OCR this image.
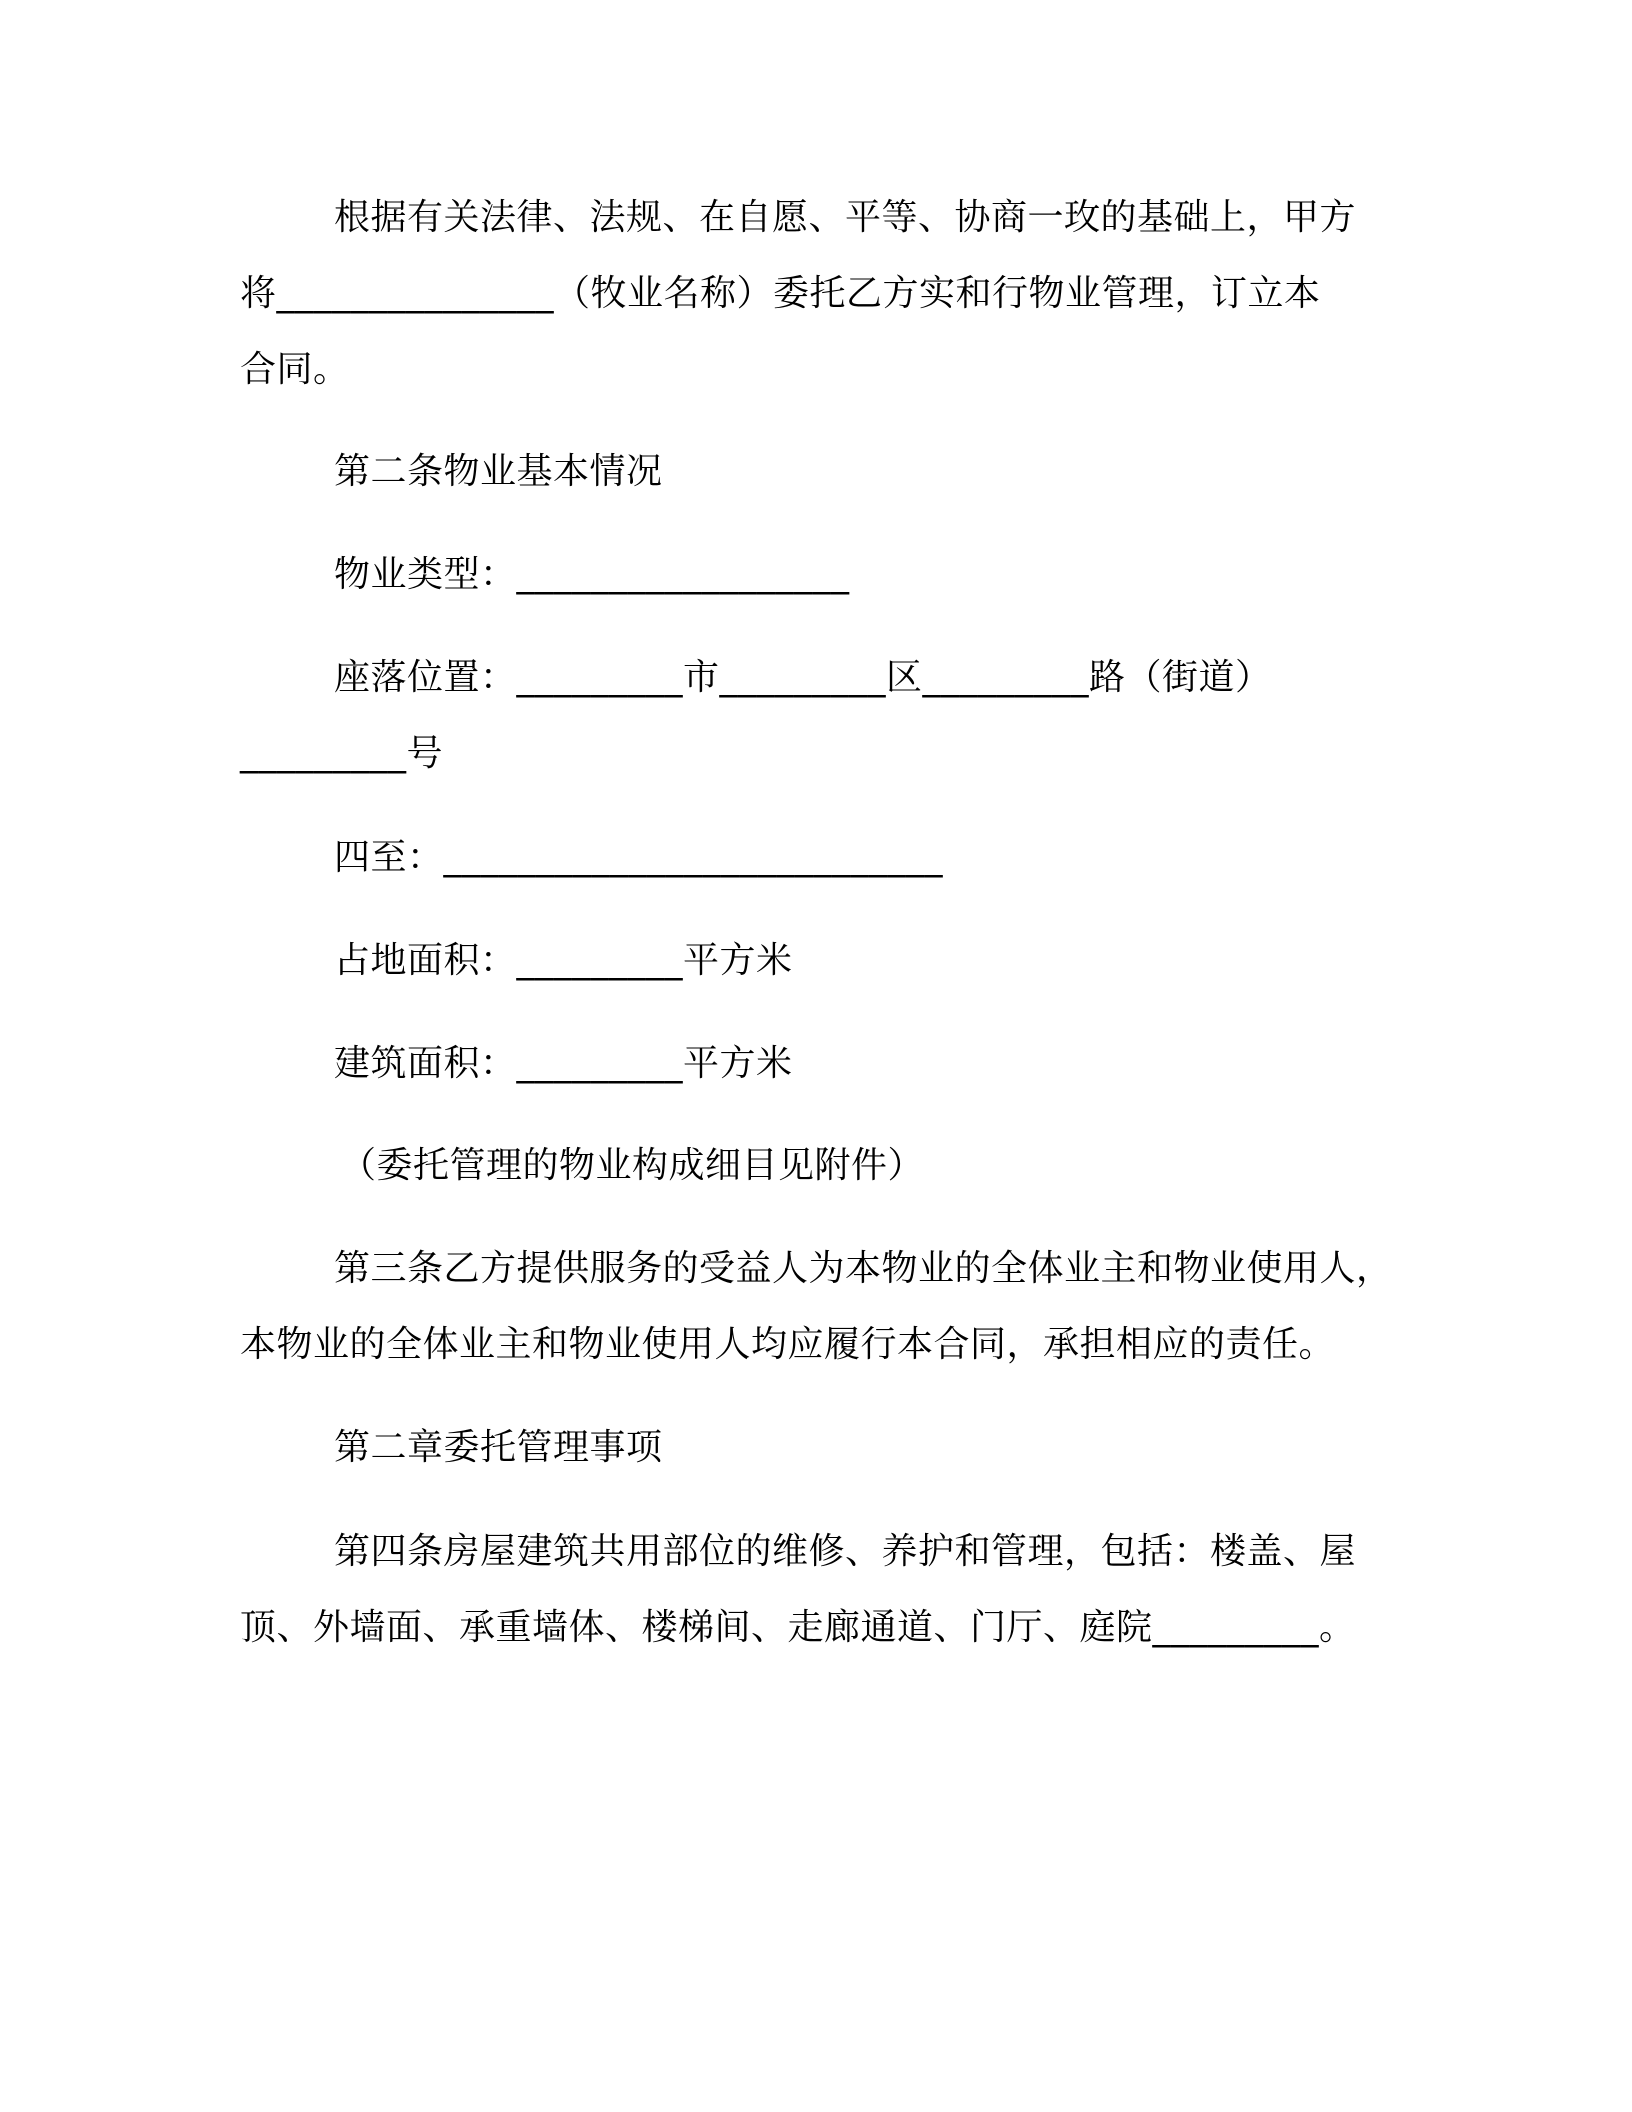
根据有关法律、法规、在自愿、平等、协商一玫的基础上，甲方
将_______________（牧业名称）委托乙方实和行物业管理，订立本
合同。
第二条物业基本情况
物业类型：__________________
座落位置：_________市_________区_________路（街道）
_________号
四至：___________________________
占地面积：_________平方米
建筑面积：_________平方米
（委托管理的物业构成细目见附件）
第三条乙方提供服务的受益人为本物业的全体业主和物业使用人，
本物业的全体业主和物业使用人均应履行本合同，承担相应的责任。
第二章委托管理事项
第四条房屋建筑共用部位的维修、养护和管理，包括：楼盖、屋
顶、外墙面、承重墙体、楼梯间、走廊通道、门厅、庭院_________。
